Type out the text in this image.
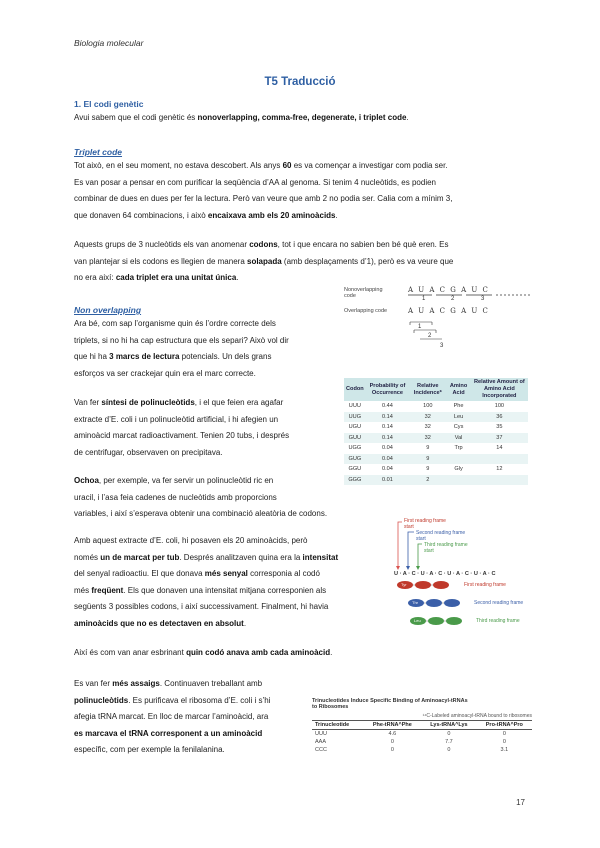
Biologia molecular
T5 Traducció
1. El codi genètic
Avui sabem que el codi genètic és nonoverlapping, comma-free, degenerate, i triplet code.
Triplet code
Tot això, en el seu moment, no estava descobert. Als anys 60 es va començar a investigar com podia ser.
Es van posar a pensar en com purificar la seqüència d’AA al genoma. Si tenim 4 nucleòtids, es podien
combinar de dues en dues per fer la lectura. Però van veure que amb 2 no podia ser. Calia com a mínim 3,
que donaven 64 combinacions, i això encaixava amb els 20 aminoàcids.
Aquests grups de 3 nucleòtids els van anomenar codons, tot i que encara no sabien ben bé què eren. Es
van plantejar si els codons es llegien de manera solapada (amb desplaçaments d’1), però es va veure que
no era així: cada triplet era una unitat única.
Nonoverlapping code
Overlapping code
A U A C G A U C
1	2	3
A U A C G A U C
1
2
3
Non overlapping
Ara bé, com sap l’organisme quin és l’ordre correcte dels
triplets, si no hi ha cap estructura que els separi? Això vol dir
que hi ha 3 marcs de lectura potencials. Un dels grans
esforços va ser crackejar quin era el marc correcte.
Van fer síntesi de polinucleòtids, i el que feien era agafar
extracte d’E. coli i un polinucleòtid artificial, i hi afegien un
aminoàcid marcat radioactivament. Tenien 20 tubs, i després
de centrifugar, observaven on precipitava.
Ochoa, per exemple, va fer servir un polinucleòtid ric en
uracil, i l’asa feia cadenes de nucleòtids amb proporcions
variables, i així s’esperava obtenir una combinació aleatòria de codons.
Amb aquest extracte d’E. coli, hi posaven els 20 aminoàcids, però
només un de marcat per tub. Després analitzaven quina era la intensitat
del senyal radioactiu. El que donava més senyal corresponia al codó
més freqüent. Els que donaven una intensitat mitjana corresponien als
següents 3 possibles codons, i així successivament. Finalment, hi havia
aminoàcids que no es detectaven en absolut.
Així és com van anar esbrinant quin codó anava amb cada aminoàcid.
Codon	Probability of Occurrence	Relative Incidence*	Amino Acid	Relative Amount of Amino Acid Incorporated
UUU	0.44	100	Phe	100
UUG	0.14	32	Leu	36
UGU	0.14	32	Cys	35
GUU	0.14	32	Val	37
UGG	0.04	9	Trp	14
GUG	0.04	9		
GGU	0.04	9	Gly	12
GGG	0.01	2		
First reading frame start
Second reading frame start
Third reading frame start
U · A · C · U · A · C · U · A · C · U · A · C
Tyr
Thr
Leu
First reading frame
Second reading frame
Third reading frame
Es van fer més assaigs. Continuaven treballant amb
polinucleòtids. Es purificava el ribosoma d’E. coli i s’hi
afegia tRNA marcat. En lloc de marcar l’aminoàcid, ara
es marcava el tRNA corresponent a un aminoàcid
específic, com per exemple la fenilalanina.
Trinucleotides Induce Specific Binding of Aminoacyl-tRNAs
to Ribosomes
¹⁴C-Labeled aminoacyl-tRNA bound to ribosomes
Trinucleotide	Phe-tRNA^Phe	Lys-tRNA^Lys	Pro-tRNA^Pro
UUU	4.6	0	0
AAA	0	7.7	0
CCC	0	0	3.1
17
